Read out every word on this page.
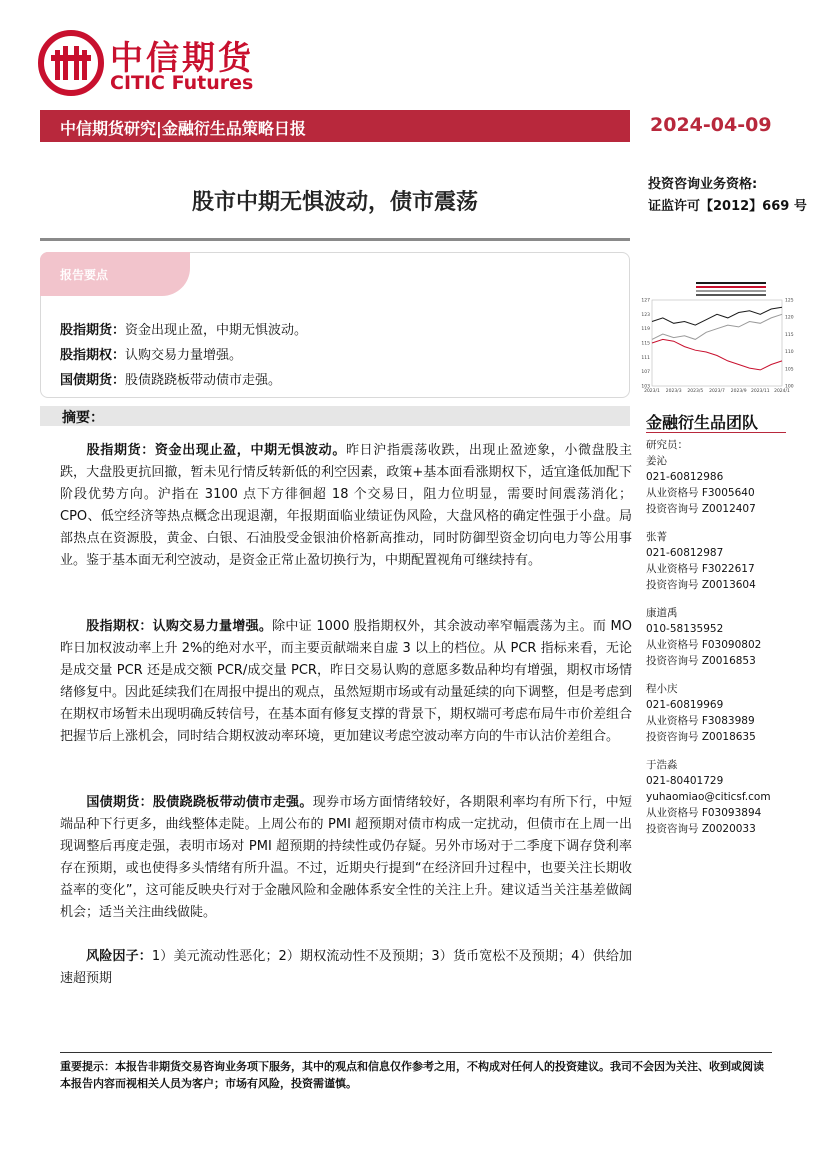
中信期货
CITIC Futures
中信期货研究|金融衍生品策略日报	2024-04-09
股市中期无惧波动，债市震荡
投资咨询业务资格:
证监许可【2012】669 号
报告要点
股指期货：资金出现止盈，中期无惧波动。
股指期权：认购交易力量增强。
国债期货：股债跷跷板带动债市走强。
127
123
119
115
111
107
103
125
120
115
110
105
100
2023/1 2023/3 2023/5 2023/7 2023/9 2023/11 2024/1
摘要：
股指期货：资金出现止盈，中期无惧波动。昨日沪指震荡收跌，出现止盈迹象，小微盘股主跌，大盘股更抗回撤，暂未见行情反转新低的利空因素，政策+基本面看涨期权下，适宜逢低加配下阶段优势方向。沪指在 3100 点下方徘徊超 18 个交易日，阻力位明显，需要时间震荡消化；CPO、低空经济等热点概念出现退潮，年报期面临业绩证伪风险，大盘风格的确定性强于小盘。局部热点在资源股，黄金、白银、石油股受金银油价格新高推动，同时防御型资金切向电力等公用事业。鉴于基本面无利空波动，是资金正常止盈切换行为，中期配置视角可继续持有。
股指期权：认购交易力量增强。除中证 1000 股指期权外，其余波动率窄幅震荡为主。而 MO 昨日加权波动率上升 2%的绝对水平，而主要贡献端来自虚 3 以上的档位。从 PCR 指标来看，无论是成交量 PCR 还是成交额 PCR/成交量 PCR，昨日交易认购的意愿多数品种均有增强，期权市场情绪修复中。因此延续我们在周报中提出的观点，虽然短期市场或有动量延续的向下调整，但是考虑到在期权市场暂未出现明确反转信号，在基本面有修复支撑的背景下，期权端可考虑布局牛市价差组合把握节后上涨机会，同时结合期权波动率环境，更加建议考虑空波动率方向的牛市认沽价差组合。
国债期货：股债跷跷板带动债市走强。现券市场方面情绪较好，各期限利率均有所下行，中短端品种下行更多，曲线整体走陡。上周公布的 PMI 超预期对债市构成一定扰动，但债市在上周一出现调整后再度走强，表明市场对 PMI 超预期的持续性或仍存疑。另外市场对于二季度下调存贷利率存在预期，或也使得多头情绪有所升温。不过，近期央行提到“在经济回升过程中，也要关注长期收益率的变化”，这可能反映央行对于金融风险和金融体系安全性的关注上升。建议适当关注基差做阔机会；适当关注曲线做陡。
风险因子：1）美元流动性恶化；2）期权流动性不及预期；3）货币宽松不及预期；4）供给加速超预期
金融衍生品团队
研究员：
姜沁
021-60812986
从业资格号 F3005640
投资咨询号 Z0012407
张菁
021-60812987
从业资格号 F3022617
投资咨询号 Z0013604
康道禹
010-58135952
从业资格号 F03090802
投资咨询号 Z0016853
程小庆
021-60819969
从业资格号 F3083989
投资咨询号 Z0018635
于浩淼
021-80401729
yuhaomiao@citicsf.com
从业资格号 F03093894
投资咨询号 Z0020033
重要提示：本报告非期货交易咨询业务项下服务，其中的观点和信息仅作参考之用，不构成对任何人的投资建议。我司不会因为关注、收到或阅读本报告内容而视相关人员为客户；市场有风险，投资需谨慎。
